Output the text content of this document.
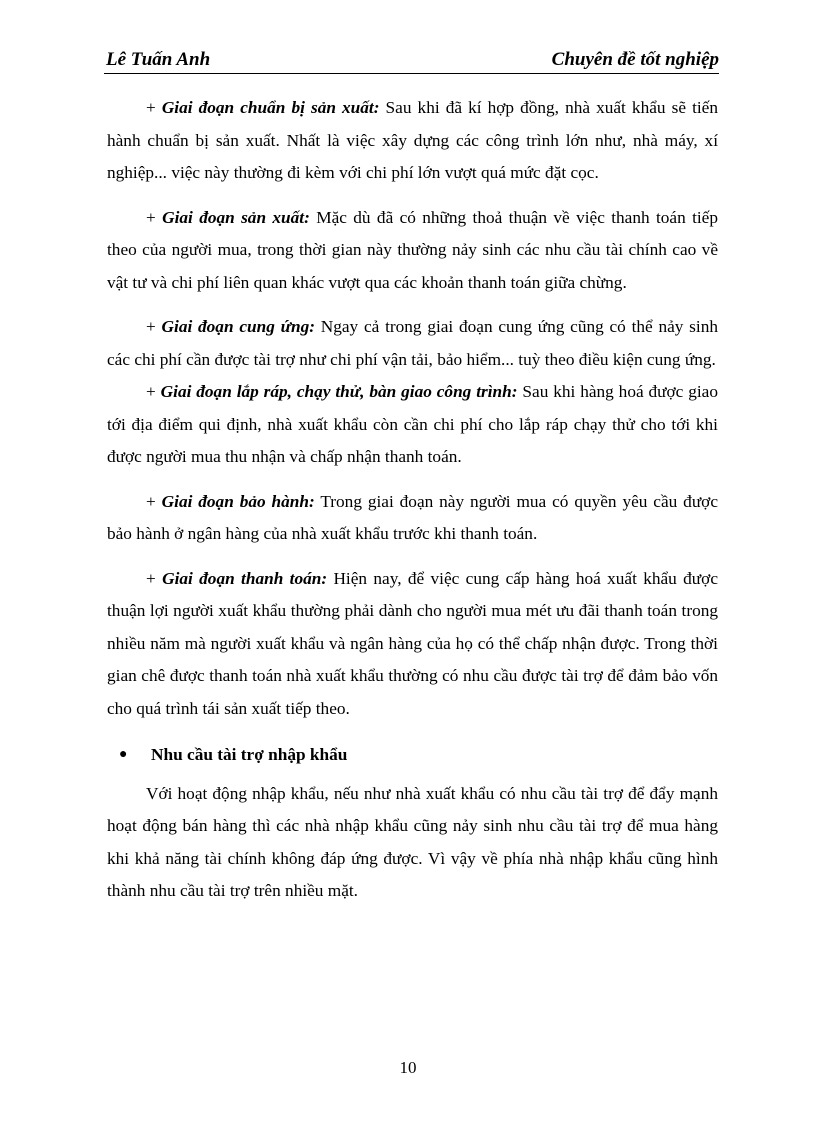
Lê Tuấn Anh	Chuyên đề tốt nghiệp

+ Giai đoạn chuẩn bị sản xuất: Sau khi đã kí hợp đồng, nhà xuất khẩu sẽ tiến hành chuẩn bị sản xuất. Nhất là việc xây dựng các công trình lớn như, nhà máy, xí nghiệp... việc này thường đi kèm với chi phí lớn vượt quá mức đặt cọc.

+ Giai đoạn sản xuất: Mặc dù đã có những thoả thuận về việc thanh toán tiếp theo của người mua, trong thời gian này thường nảy sinh các nhu cầu tài chính cao về vật tư và chi phí liên quan khác vượt qua các khoản thanh toán giữa chừng.

+ Giai đoạn cung ứng: Ngay cả trong giai đoạn cung ứng cũng có thể nảy sinh các chi phí cần được tài trợ như chi phí vận tải, bảo hiểm... tuỳ theo điều kiện cung ứng.

+ Giai đoạn lắp ráp, chạy thử, bàn giao công trình: Sau khi hàng hoá được giao tới địa điểm qui định, nhà xuất khẩu còn cần chi phí cho lắp ráp chạy thử cho tới khi được người mua thu nhận và chấp nhận thanh toán.

+ Giai đoạn bảo hành: Trong giai đoạn này người mua có quyền yêu cầu được bảo hành ở ngân hàng của nhà xuất khẩu trước khi thanh toán.

+ Giai đoạn thanh toán: Hiện nay, để việc cung cấp hàng hoá xuất khẩu được thuận lợi người xuất khẩu thường phải dành cho người mua mét ưu đãi thanh toán trong nhiều năm mà người xuất khẩu và ngân hàng của họ có thể chấp nhận được. Trong thời gian chê được thanh toán nhà xuất khẩu thường có nhu cầu được tài trợ để đảm bảo vốn cho quá trình tái sản xuất tiếp theo.

● Nhu cầu tài trợ nhập khẩu

Với hoạt động nhập khẩu, nếu như nhà xuất khẩu có nhu cầu tài trợ để đẩy mạnh hoạt động bán hàng thì các nhà nhập khẩu cũng nảy sinh nhu cầu tài trợ để mua hàng khi khả năng tài chính không đáp ứng được. Vì vậy về phía nhà nhập khẩu cũng hình thành nhu cầu tài trợ trên nhiều mặt.

10
